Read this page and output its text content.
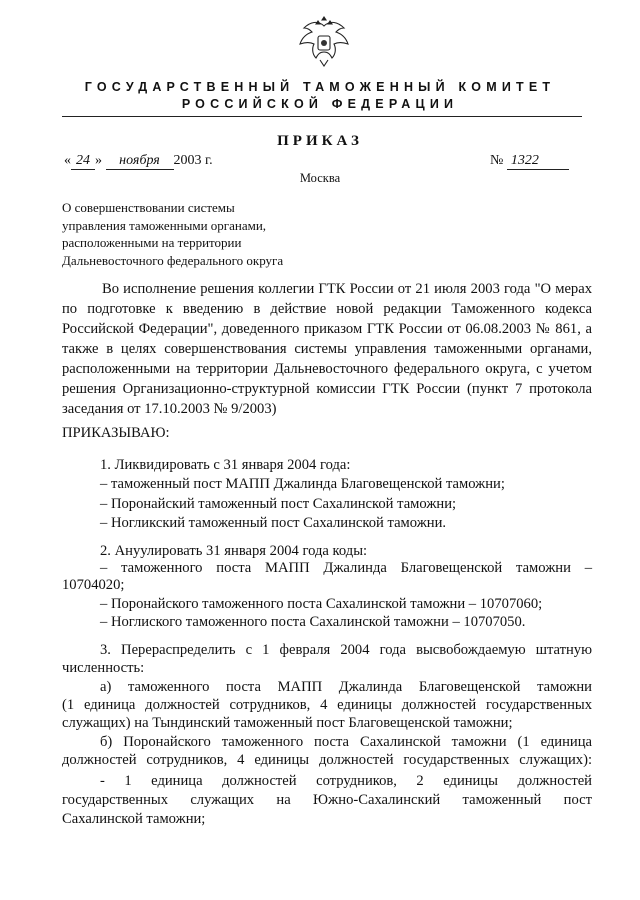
ГОСУДАРСТВЕННЫЙ ТАМОЖЕННЫЙ КОМИТЕТ
РОССИЙСКОЙ ФЕДЕРАЦИИ
ПРИКАЗ
« 24 » ноября 2003 г.	№ 1322
Москва
О совершенствовании системы
управления таможенными органами,
расположенными на территории
Дальневосточного федерального округа
Во исполнение решения коллегии ГТК России от 21 июля 2003 года "О мерах по подготовке к введению в действие новой редакции Таможенного кодекса Российской Федерации", доведенного приказом ГТК России от 06.08.2003 № 861, а также в целях совершенствования системы управления таможенными органами, расположенными на территории Дальневосточного федерального округа, с учетом решения Организационно-структурной комиссии ГТК России (пункт 7 протокола заседания от 17.10.2003 № 9/2003)
ПРИКАЗЫВАЮ:
1. Ликвидировать с 31 января 2004 года:
– таможенный пост МАПП Джалинда Благовещенской таможни;
– Поронайский таможенный пост Сахалинской таможни;
– Ногликский таможенный пост Сахалинской таможни.
2. Ануулировать 31 января 2004 года коды:
– таможенного поста МАПП Джалинда Благовещенской таможни –
10704020;
– Поронайского таможенного поста Сахалинской таможни – 10707060;
– Ноглиского таможенного поста Сахалинской таможни – 10707050.
3. Перераспределить с 1 февраля 2004 года высвобождаемую штатную
численность:
а) таможенного поста МАПП Джалинда Благовещенской таможни
(1 единица должностей сотрудников, 4 единицы должностей государственных
служащих) на Тындинский таможенный пост Благовещенской таможни;
б) Поронайского таможенного поста Сахалинской таможни (1 единица
должностей сотрудников, 4 единицы должностей государственных служащих):
- 1 единица должностей сотрудников, 2 единицы должностей
государственных служащих на Южно-Сахалинский таможенный пост
Сахалинской таможни;
